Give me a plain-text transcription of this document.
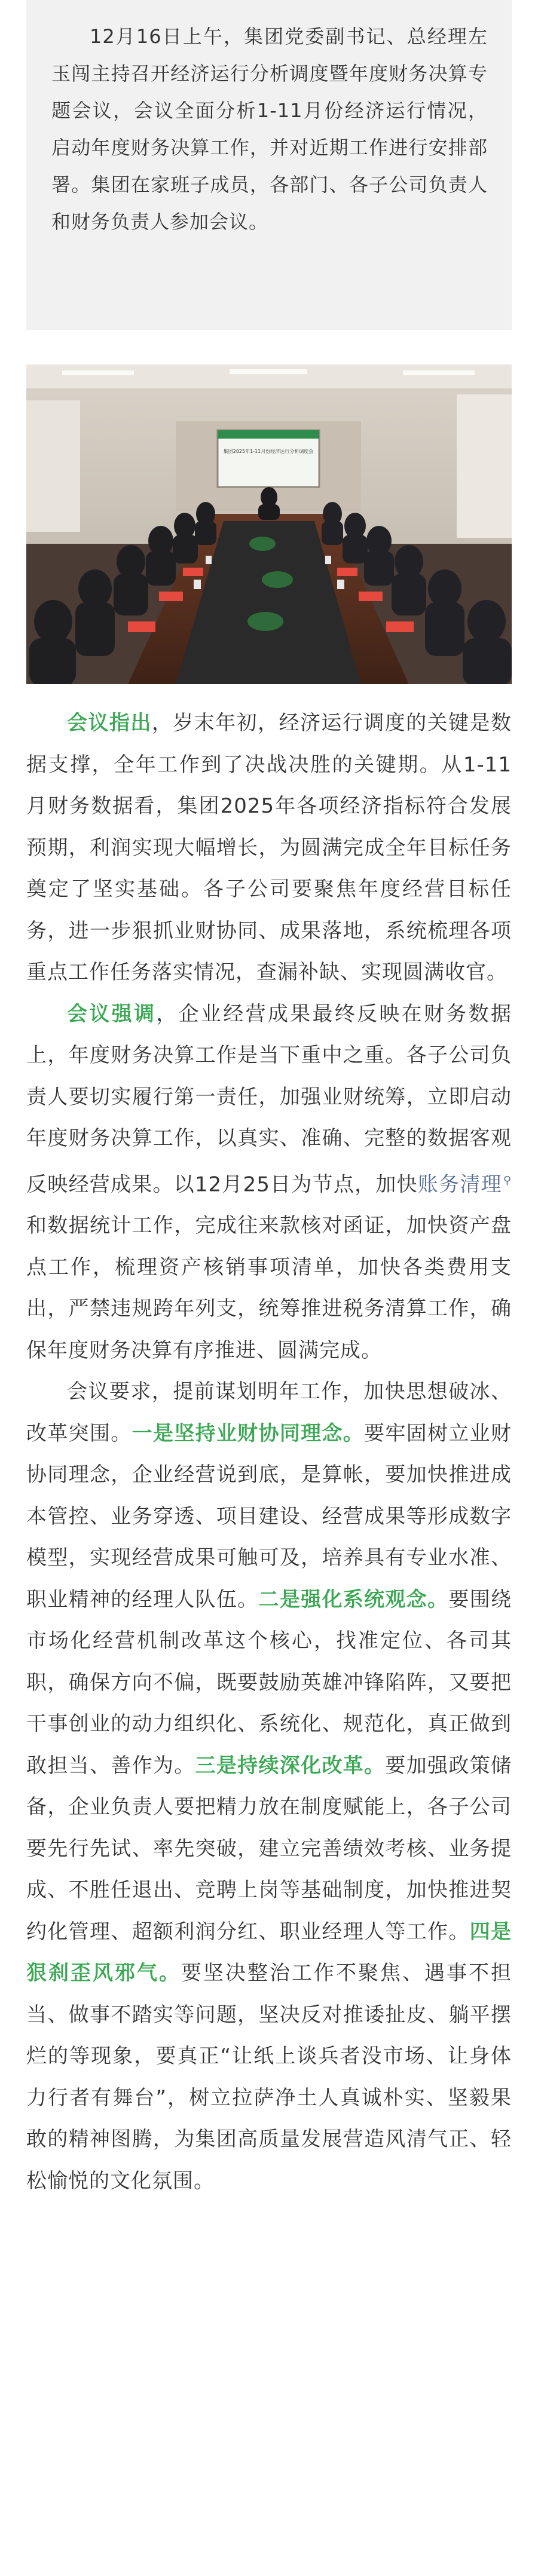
12月16日上午，集团党委副书记、总经理左玉闯主持召开经济运行分析调度暨年度财务决算专题会议，会议全面分析1-11月份经济运行情况，启动年度财务决算工作，并对近期工作进行安排部署。集团在家班子成员，各部门、各子公司负责人和财务负责人参加会议。

集团2025年1-11月份经济运行分析调度会

会议指出，岁末年初，经济运行调度的关键是数据支撑，全年工作到了决战决胜的关键期。从1-11月财务数据看，集团2025年各项经济指标符合发展预期，利润实现大幅增长，为圆满完成全年目标任务奠定了坚实基础。各子公司要聚焦年度经营目标任务，进一步狠抓业财协同、成果落地，系统梳理各项重点工作任务落实情况，查漏补缺、实现圆满收官。

会议强调，企业经营成果最终反映在财务数据上，年度财务决算工作是当下重中之重。各子公司负责人要切实履行第一责任，加强业财统筹，立即启动年度财务决算工作，以真实、准确、完整的数据客观反映经营成果。以12月25日为节点，加快账务清理 ⚲和数据统计工作，完成往来款核对函证，加快资产盘点工作，梳理资产核销事项清单，加快各类费用支出，严禁违规跨年列支，统筹推进税务清算工作，确保年度财务决算有序推进、圆满完成。

会议要求，提前谋划明年工作，加快思想破冰、改革突围。一是坚持业财协同理念。要牢固树立业财协同理念，企业经营说到底，是算帐，要加快推进成本管控、业务穿透、项目建设、经营成果等形成数字模型，实现经营成果可触可及，培养具有专业水准、职业精神的经理人队伍。二是强化系统观念。要围绕市场化经营机制改革这个核心，找准定位、各司其职，确保方向不偏，既要鼓励英雄冲锋陷阵，又要把干事创业的动力组织化、系统化、规范化，真正做到敢担当、善作为。三是持续深化改革。要加强政策储备，企业负责人要把精力放在制度赋能上，各子公司要先行先试、率先突破，建立完善绩效考核、业务提成、不胜任退出、竞聘上岗等基础制度，加快推进契约化管理、超额利润分红、职业经理人等工作。四是狠刹歪风邪气。要坚决整治工作不聚焦、遇事不担当、做事不踏实等问题，坚决反对推诿扯皮、躺平摆烂的等现象，要真正“让纸上谈兵者没市场、让身体力行者有舞台”，树立拉萨净土人真诚朴实、坚毅果敢的精神图腾，为集团高质量发展营造风清气正、轻松愉悦的文化氛围。
